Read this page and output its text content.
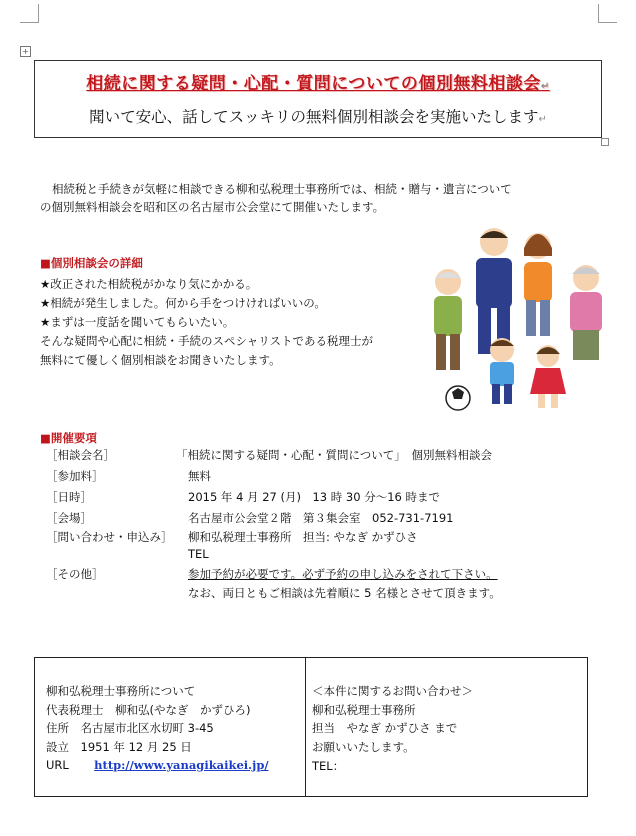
+
相続に関する疑問・心配・質問についての個別無料相談会↵
聞いて安心、話してスッキリの無料個別相談会を実施いたします↵
相続税と手続きが気軽に相談できる柳和弘税理士事務所では、相続・贈与・遺言について
の個別無料相談会を昭和区の名古屋市公会堂にて開催いたします。
■個別相談会の詳細
★改正された相続税がかなり気にかかる。
★相続が発生しました。何から手をつけければいいの。
★まずは一度話を聞いてもらいたい。
そんな疑問や心配に相続・手続のスペシャリストである税理士が
無料にて優しく個別相談をお聞きいたします。
■開催要項
［相談会名］	「相続に関する疑問・心配・質問について」　個別無料相談会
［参加料］	無料
［日時］	2015 年 4 月 27 (月)　13 時 30 分～16 時まで
［会場］	名古屋市公会堂２階　第３集会室　052-731-7191
［問い合わせ・申込み］ 柳和弘税理士事務所　担当: やなぎ かずひさ
TEL
［その他］	参加予約が必要です。必ず予約の申し込みをされて下さい。
なお、両日ともご相談は先着順に 5 名様とさせて頂きます。
柳和弘税理士事務所について
代表税理士　柳和弘(やなぎ　かずひろ)
住所　名古屋市北区水切町 3-45
設立　1951 年 12 月 25 日
URL http://www.yanagikaikei.jp/
＜本件に関するお問い合わせ＞
柳和弘税理士事務所
担当　やなぎ かずひさ まで
お願いいたします。
TEL：
